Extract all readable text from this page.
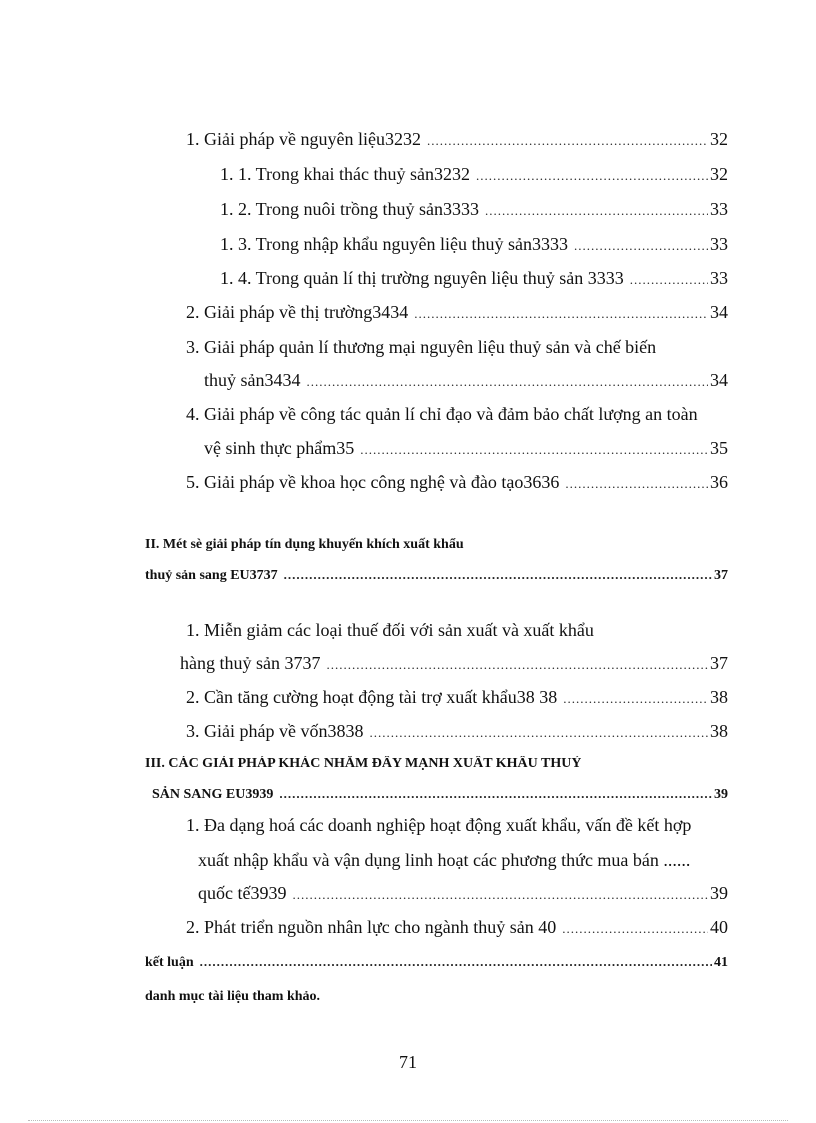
1. Giải pháp về nguyên liệu3232 .....	32
1. 1. Trong khai thác thuỷ sản3232 .....	32
1. 2. Trong nuôi trồng thuỷ sản3333 .....	33
1. 3. Trong nhập khẩu nguyên liệu thuỷ sản3333 .....	33
1. 4. Trong quản lí thị trường nguyên liệu thuỷ sản 3333 .....	33
2. Giải pháp về thị trường3434 .....	34
3. Giải pháp quản lí thương mại nguyên liệu thuỷ sản và chế biến
thuỷ sản3434 .....	34
4. Giải pháp về công tác quản lí chỉ đạo và đảm bảo chất lượng an toàn
vệ sinh thực phẩm35 .....	35
5. Giải pháp về khoa học công nghệ và đào tạo3636 .....	36
II. Mét sè giải pháp tín dụng khuyến khích xuất khẩu
thuỷ sản sang EU3737 .....	37
1. Miễn giảm các loại thuế đối với sản xuất và xuất khẩu
hàng thuỷ sản 3737 .....	37
2. Cần tăng cường hoạt động tài trợ xuất khẩu38 38 .....	38
3. Giải pháp về vốn3838 .....	38
III. CÁC GIẢI PHÁP KHÁC NHẰM ĐẨY MẠNH XUẤT KHẨU THUỶ
SẢN SANG EU3939 .....	39
1. Đa dạng hoá các doanh nghiệp hoạt động xuất khẩu, vấn đề kết hợp
xuất nhập khẩu và vận dụng linh hoạt các phương thức mua bán ......
quốc tế3939 .....	39
2. Phát triển nguồn nhân lực cho ngành thuỷ sản 40 .....	40
kết luận .....	41
danh mục tài liệu tham khảo.
71
